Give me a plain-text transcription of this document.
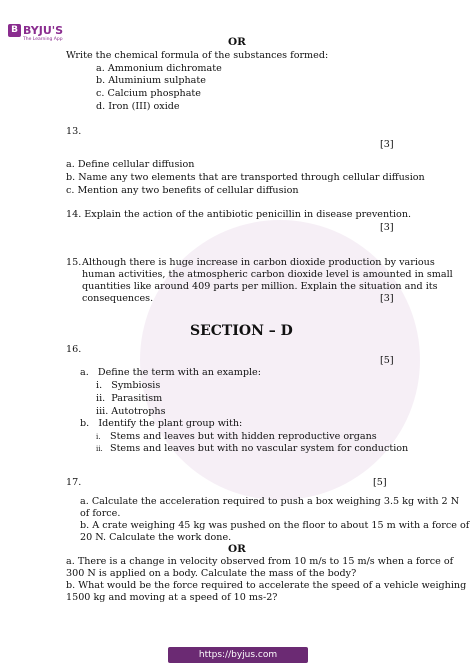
B BYJU'S
The Learning App	OR
Write the chemical formula of the substances formed:
a. Ammonium dichromate
b. Aluminium sulphate
c. Calcium phosphate
d. Iron (III) oxide
13.
[3]
a. Define cellular diffusion
b. Name any two elements that are transported through cellular diffusion
c. Mention any two benefits of cellular diffusion
14. Explain the action of the antibiotic penicillin in disease prevention.
[3]
15. Although there is huge increase in carbon dioxide production by various
human activities, the atmospheric carbon dioxide level is amounted in small
quantities like around 409 parts per million. Explain the situation and its
consequences.	[3]
SECTION – D
16.
[5]
a.   Define the term with an example:
i.   Symbiosis
ii.  Parasitism
iii. Autotrophs
b.   Identify the plant group with:
i. Stems and leaves but with hidden reproductive organs
ii. Stems and leaves but with no vascular system for conduction
17.	[5]
a. Calculate the acceleration required to push a box weighing 3.5 kg with 2 N
of force.
b. A crate weighing 45 kg was pushed on the floor to about 15 m with a force of
20 N. Calculate the work done.
OR
a. There is a change in velocity observed from 10 m/s to 15 m/s when a force of
300 N is applied on a body. Calculate the mass of the body?
b. What would be the force required to accelerate the speed of a vehicle weighing
1500 kg and moving at a speed of 10 ms-2?
https://byjus.com
